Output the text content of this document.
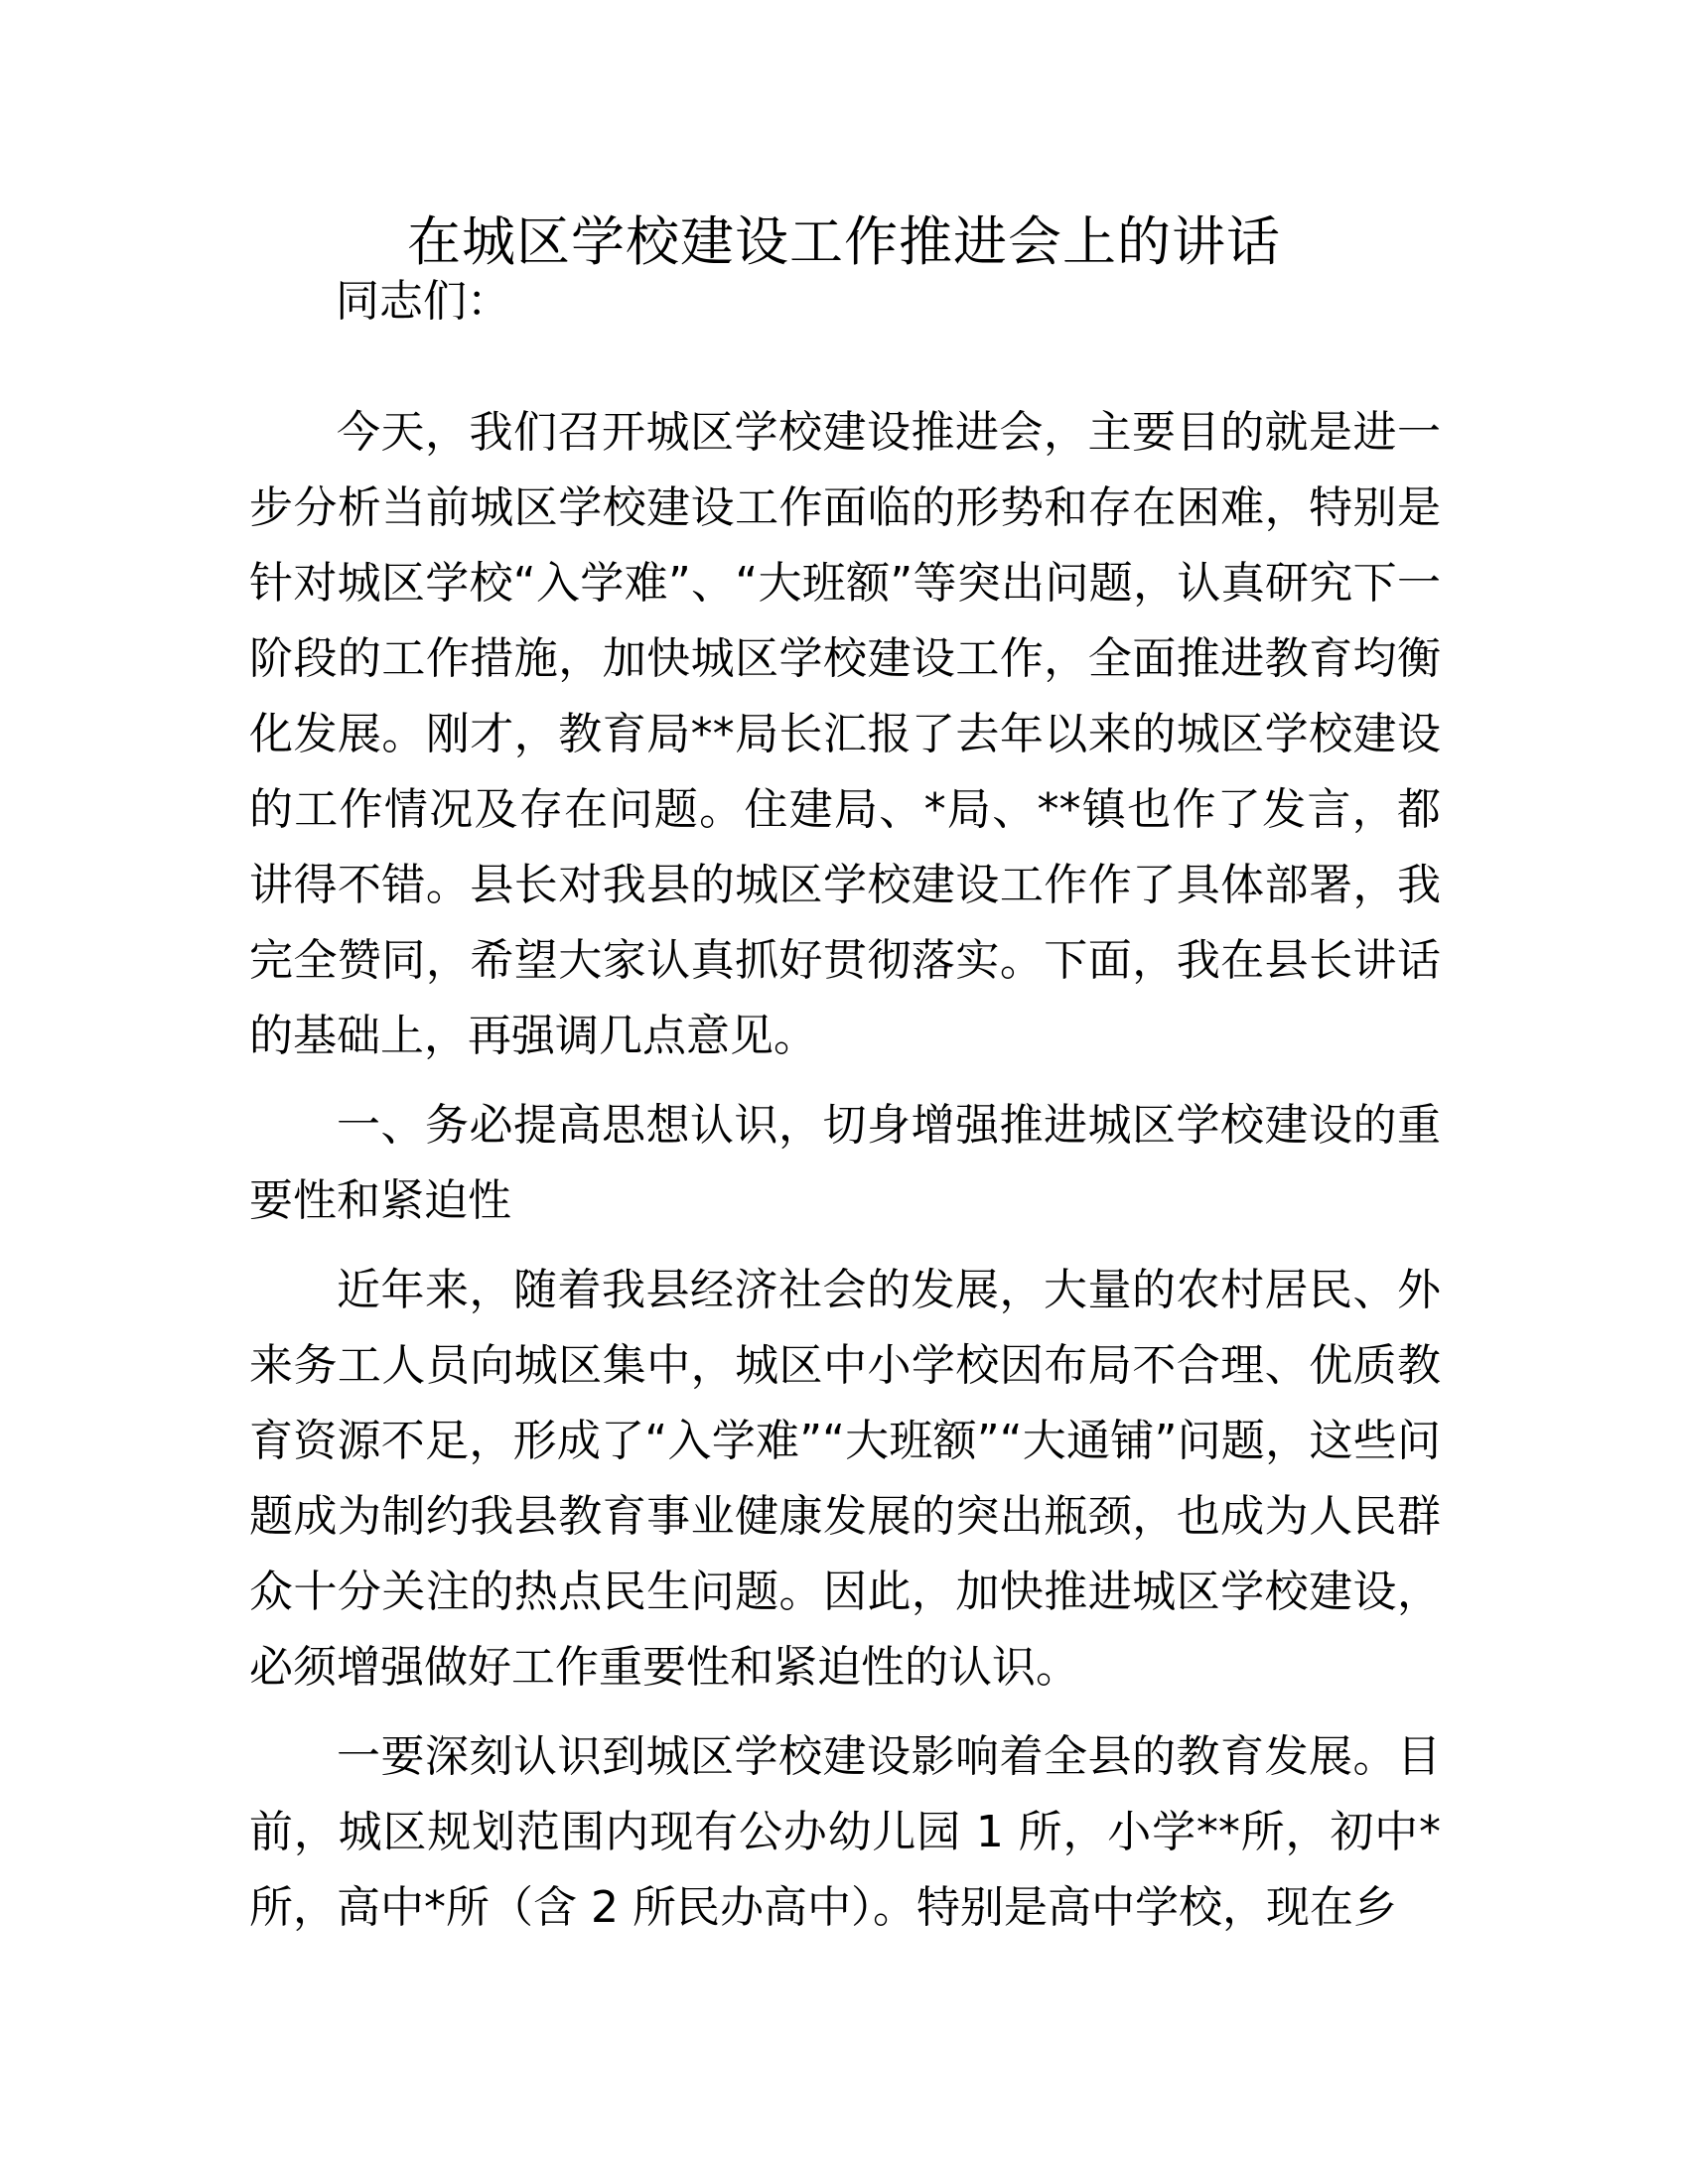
在城区学校建设工作推进会上的讲话

同志们：

今天，我们召开城区学校建设推进会，主要目的就是进一步分析当前城区学校建设工作面临的形势和存在困难，特别是针对城区学校“入学难”、“大班额”等突出问题，认真研究下一阶段的工作措施，加快城区学校建设工作，全面推进教育均衡化发展。刚才，教育局**局长汇报了去年以来的城区学校建设的工作情况及存在问题。住建局、*局、**镇也作了发言，都讲得不错。县长对我县的城区学校建设工作作了具体部署，我完全赞同，希望大家认真抓好贯彻落实。下面，我在县长讲话的基础上，再强调几点意见。

一、务必提高思想认识，切身增强推进城区学校建设的重要性和紧迫性

近年来，随着我县经济社会的发展，大量的农村居民、外来务工人员向城区集中，城区中小学校因布局不合理、优质教育资源不足，形成了“入学难”“大班额”“大通铺”问题，这些问题成为制约我县教育事业健康发展的突出瓶颈，也成为人民群众十分关注的热点民生问题。因此，加快推进城区学校建设，必须增强做好工作重要性和紧迫性的认识。

一要深刻认识到城区学校建设影响着全县的教育发展。目前，城区规划范围内现有公办幼儿园 1 所，小学**所，初中*所，高中*所（含 2 所民办高中）。特别是高中学校，现在乡
